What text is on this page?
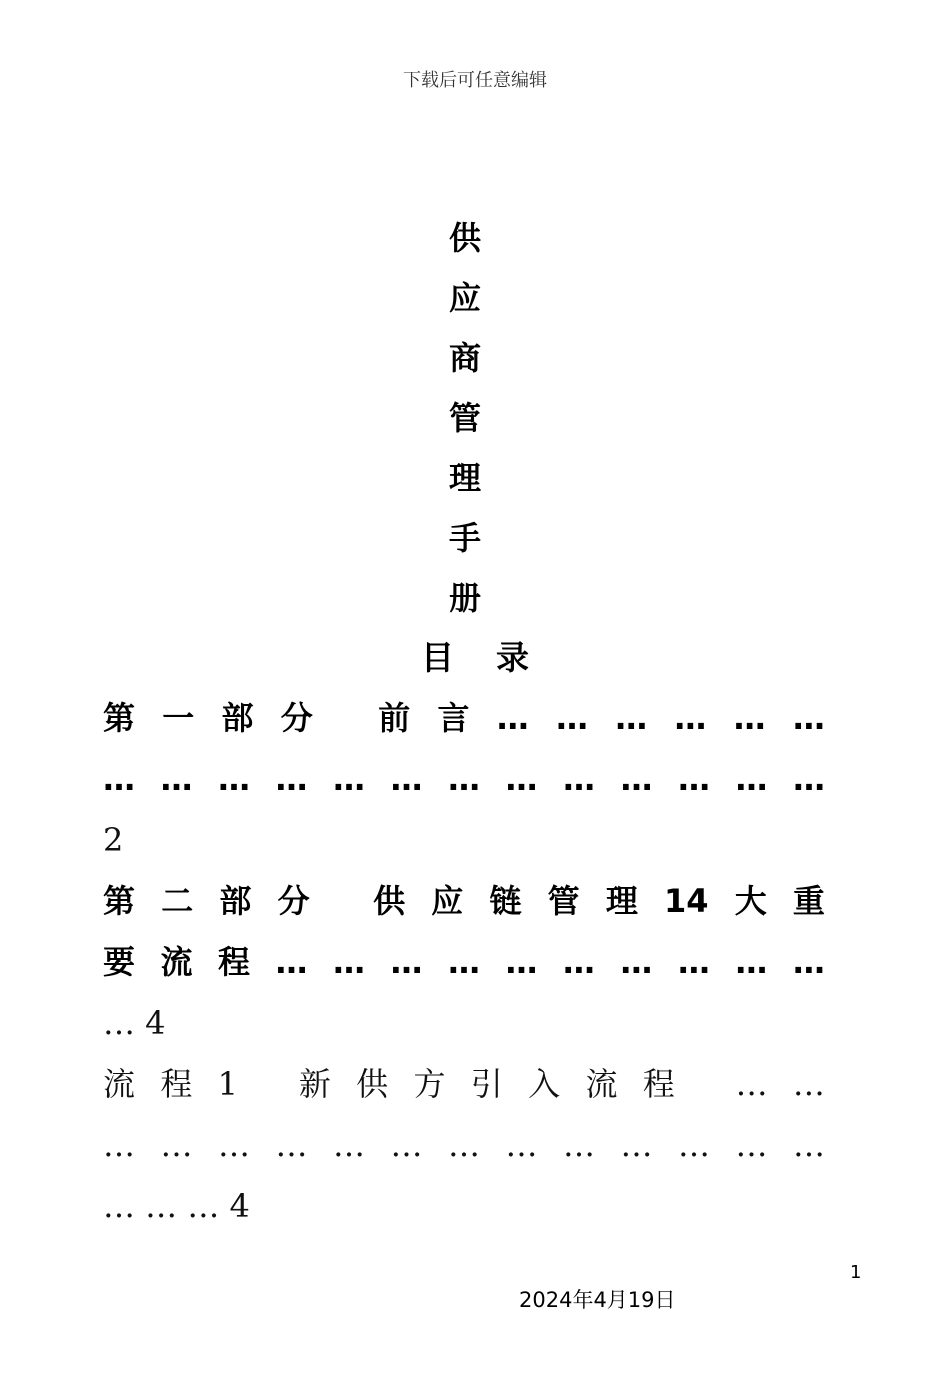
下载后可任意编辑
供
应
商
管
理
手
册
目录
第 一 部 分
前 言 … … … … … …
… … … … … … … … … … … … …
2
第 二 部 分
供 应 链 管 理 14 大 重
要 流 程 … … … … … … … … … …
… 4
流 程 1
新 供 方 引 入 流 程
… …
… … … … … … … … … … … … …
… … … 4
1
2024年4月19日
